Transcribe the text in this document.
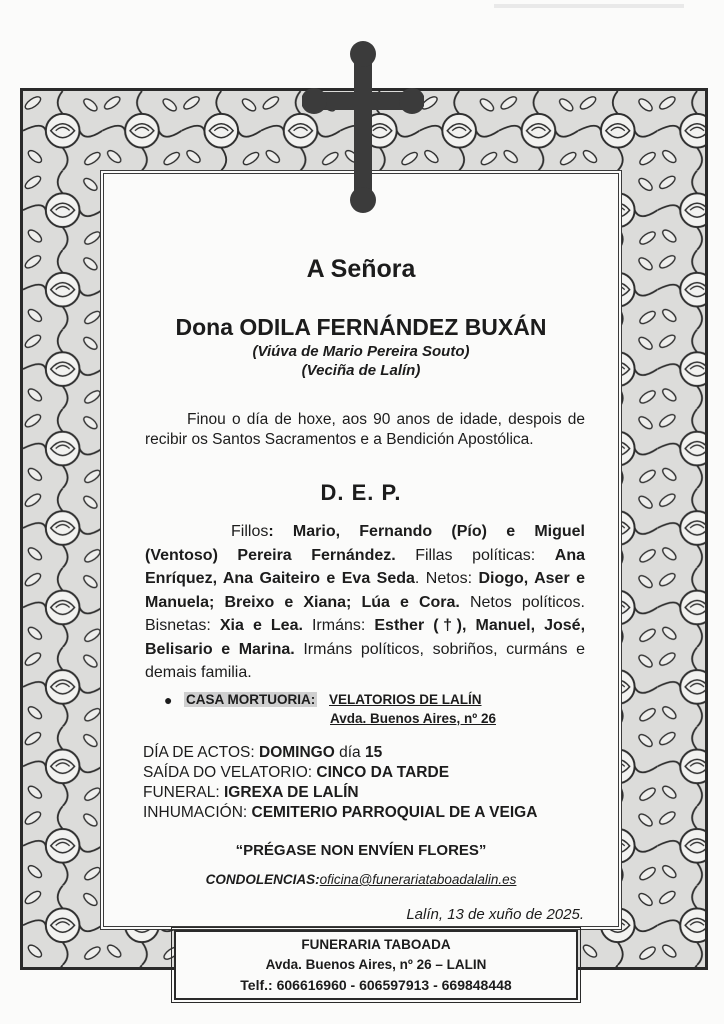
A Señora
Dona ODILA FERNÁNDEZ BUXÁN
(Viúva de Mario Pereira Souto)
(Veciña de Lalín)
Finou o día de hoxe, aos 90 anos de idade, despois de recibir os Santos Sacramentos e a Bendición Apostólica.
D. E. P.
Fillos: Mario, Fernando (Pío) e Miguel (Ventoso) Pereira Fernández. Fillas políticas: Ana Enríquez, Ana Gaiteiro e Eva Seda. Netos: Diogo, Aser e Manuela; Breixo e Xiana; Lúa e Cora. Netos políticos. Bisnetas: Xia e Lea. Irmáns: Esther (†), Manuel, José, Belisario e Marina. Irmáns políticos, sobriños, curmáns e demais familia.
● CASA MORTUORIA: VELATORIOS DE LALÍN
Avda. Buenos Aires, nº 26
DÍA DE ACTOS: DOMINGO día 15
SAÍDA DO VELATORIO: CINCO DA TARDE
FUNERAL: IGREXA DE LALÍN
INHUMACIÓN: CEMITERIO PARROQUIAL DE A VEIGA
“PRÉGASE NON ENVÍEN FLORES”
CONDOLENCIAS:oficina@funerariataboadalalin.es
Lalín, 13 de xuño de 2025.
FUNERARIA TABOADA
Avda. Buenos Aires, nº 26 – LALIN
Telf.: 606616960 - 606597913 - 669848448
